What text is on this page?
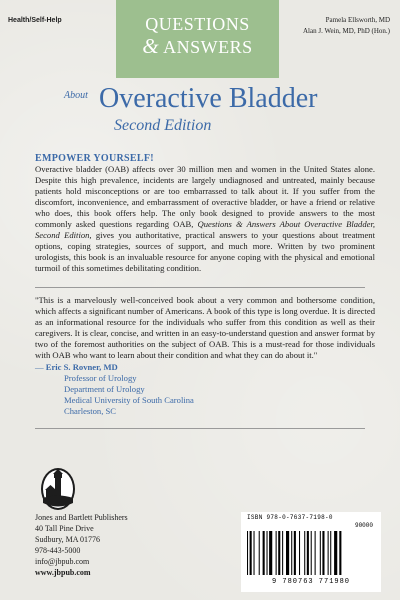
Health/Self-Help	QUESTIONS
& ANSWERS
Pamela Ellsworth, MD
Alan J. Wein, MD, PhD (Hon.)
About Overactive Bladder
Second Edition
EMPOWER YOURSELF!
Overactive bladder (OAB) affects over 30 million men and women in the United States alone. Despite this high prevalence, incidents are largely undiagnosed and untreated, mainly because patients hold misconceptions or are too embarrassed to talk about it. If you suffer from the discomfort, inconvenience, and embarrassment of overactive bladder, or have a friend or relative who does, this book offers help. The only book designed to provide answers to the most commonly asked questions regarding OAB, Questions & Answers About Overactive Bladder, Second Edition, gives you authoritative, practical answers to your questions about treatment options, coping strategies, sources of support, and much more. Written by two prominent urologists, this book is an invaluable resource for anyone coping with the physical and emotional turmoil of this sometimes debilitating condition.
"This is a marvelously well-conceived book about a very common and bothersome condition, which affects a significant number of Americans. A book of this type is long overdue. It is directed as an informational resource for the individuals who suffer from this condition as well as their caregivers. It is clear, concise, and written in an easy-to-understand question and answer format by two of the foremost authorities on the subject of OAB. This is a must-read for those individuals with OAB who want to learn about their condition and what they can do about it."
— Eric S. Rovner, MD
Professor of Urology
Department of Urology
Medical University of South Carolina
Charleston, SC
Jones and Bartlett Publishers
40 Tall Pine Drive
Sudbury, MA 01776
978-443-5000
info@jbpub.com
www.jbpub.com
ISBN 978-0-7637-7198-0
90000
9 780763 771980
